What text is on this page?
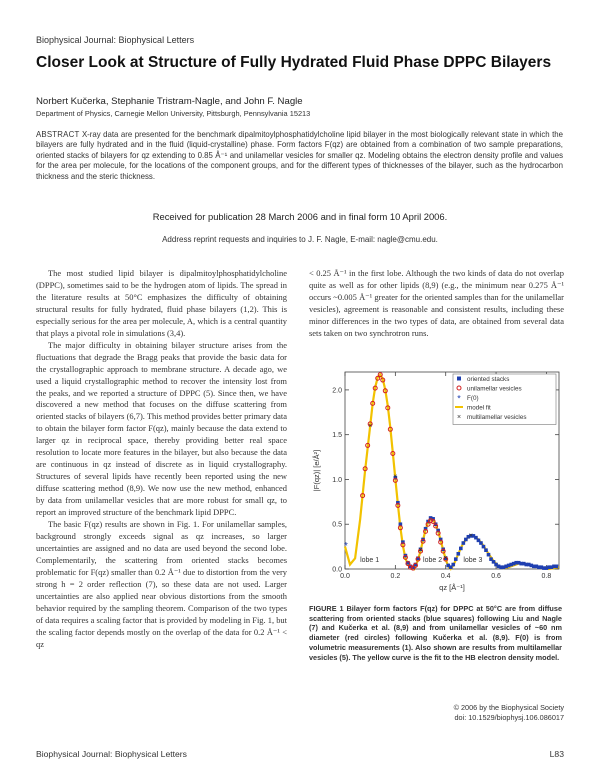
Biophysical Journal: Biophysical Letters
Closer Look at Structure of Fully Hydrated Fluid Phase DPPC Bilayers
Norbert Kučerka, Stephanie Tristram-Nagle, and John F. Nagle
Department of Physics, Carnegie Mellon University, Pittsburgh, Pennsylvania 15213
ABSTRACT X-ray data are presented for the benchmark dipalmitoylphosphatidylcholine lipid bilayer in the most biologically relevant state in which the bilayers are fully hydrated and in the fluid (liquid-crystalline) phase. Form factors F(qz) are obtained from a combination of two sample preparations, oriented stacks of bilayers for qz extending to 0.85 Å⁻¹ and unilamellar vesicles for smaller qz. Modeling obtains the electron density profile and values for the area per molecule, for the locations of the component groups, and for the different types of thicknesses of the bilayer, such as the hydrocarbon thickness and the steric thickness.
Received for publication 28 March 2006 and in final form 10 April 2006.
Address reprint requests and inquiries to J. F. Nagle, E-mail: nagle@cmu.edu.

The most studied lipid bilayer is dipalmitoylphosphatidylcholine (DPPC), sometimes said to be the hydrogen atom of lipids. The spread in the literature results at 50°C emphasizes the difficulty of obtaining structural results for fully hydrated, fluid phase bilayers (1,2). This is especially serious for the area per molecule, A, which is a central quantity that plays a pivotal role in simulations (3,4).

The major difficulty in obtaining bilayer structure arises from the fluctuations that degrade the Bragg peaks that provide the basic data for the crystallographic approach to membrane structure. A decade ago, we used a liquid crystallographic method to recover the intensity lost from the peaks, and we reported a structure of DPPC (5). Since then, we have discovered a new method that focuses on the diffuse scattering from oriented stacks of bilayers (6,7). This method provides better primary data to obtain the bilayer form factor F(qz), mainly because the data extend to larger qz in reciprocal space, thereby providing better real space resolution to locate more features in the bilayer, but also because the data are continuous in qz instead of discrete as in liquid crystallography. Structures of several lipids have recently been reported using the new diffuse scattering method (8,9). We now use the new method, enhanced by data from unilamellar vesicles that are more robust for small qz, to report an improved structure of the benchmark lipid DPPC.

The basic F(qz) results are shown in Fig. 1. For unilamellar samples, background strongly exceeds signal as qz increases, so larger uncertainties are assigned and no data are used beyond the second lobe. Complementarily, the scattering from oriented stacks becomes problematic for F(qz) smaller than 0.2 Å⁻¹ due to distortion from the very strong h = 2 order reflection (7), so these data are not used. Larger uncertainties are also applied near obvious distortions from the smooth behavior required by the sampling theorem. Comparison of the two types of data requires a scaling factor that is provided by modeling in Fig. 1, but the scaling factor depends mostly on the overlap of the data for 0.2 Å⁻¹ < qz

< 0.25 Å⁻¹ in the first lobe. Although the two kinds of data do not overlap quite as well as for other lipids (8,9) (e.g., the minimum near 0.275 Å⁻¹ occurs ~0.005 Å⁻¹ greater for the oriented samples than for the unilamellar vesicles), agreement is reasonable and consistent results, including these minor differences in the two types of data, are obtained from several data sets taken on two synchrotron runs.

0.0	0.2	0.4	0.6	0.8
0.0
0.5
1.0
1.5
2.0
qz [Å⁻¹]
|F(qz)| [e/Å²]
lobe 1	lobe 2	lobe 3
*
×
×
×
×
×
oriented stacks
unilamellar vesicles
* F(0)
model fit
× multilamellar vesicles
FIGURE 1 Bilayer form factors F(qz) for DPPC at 50°C are from diffuse scattering from oriented stacks (blue squares) following Liu and Nagle (7) and Kučerka et al. (8,9) and from unilamellar vesicles of ~60 nm diameter (red circles) following Kučerka et al. (8,9). F(0) is from volumetric measurements (1). Also shown are results from multilamellar vesicles (5). The yellow curve is the fit to the HB electron density model.
© 2006 by the Biophysical Society
doi: 10.1529/biophysj.106.086017
Biophysical Journal: Biophysical Letters	L83
